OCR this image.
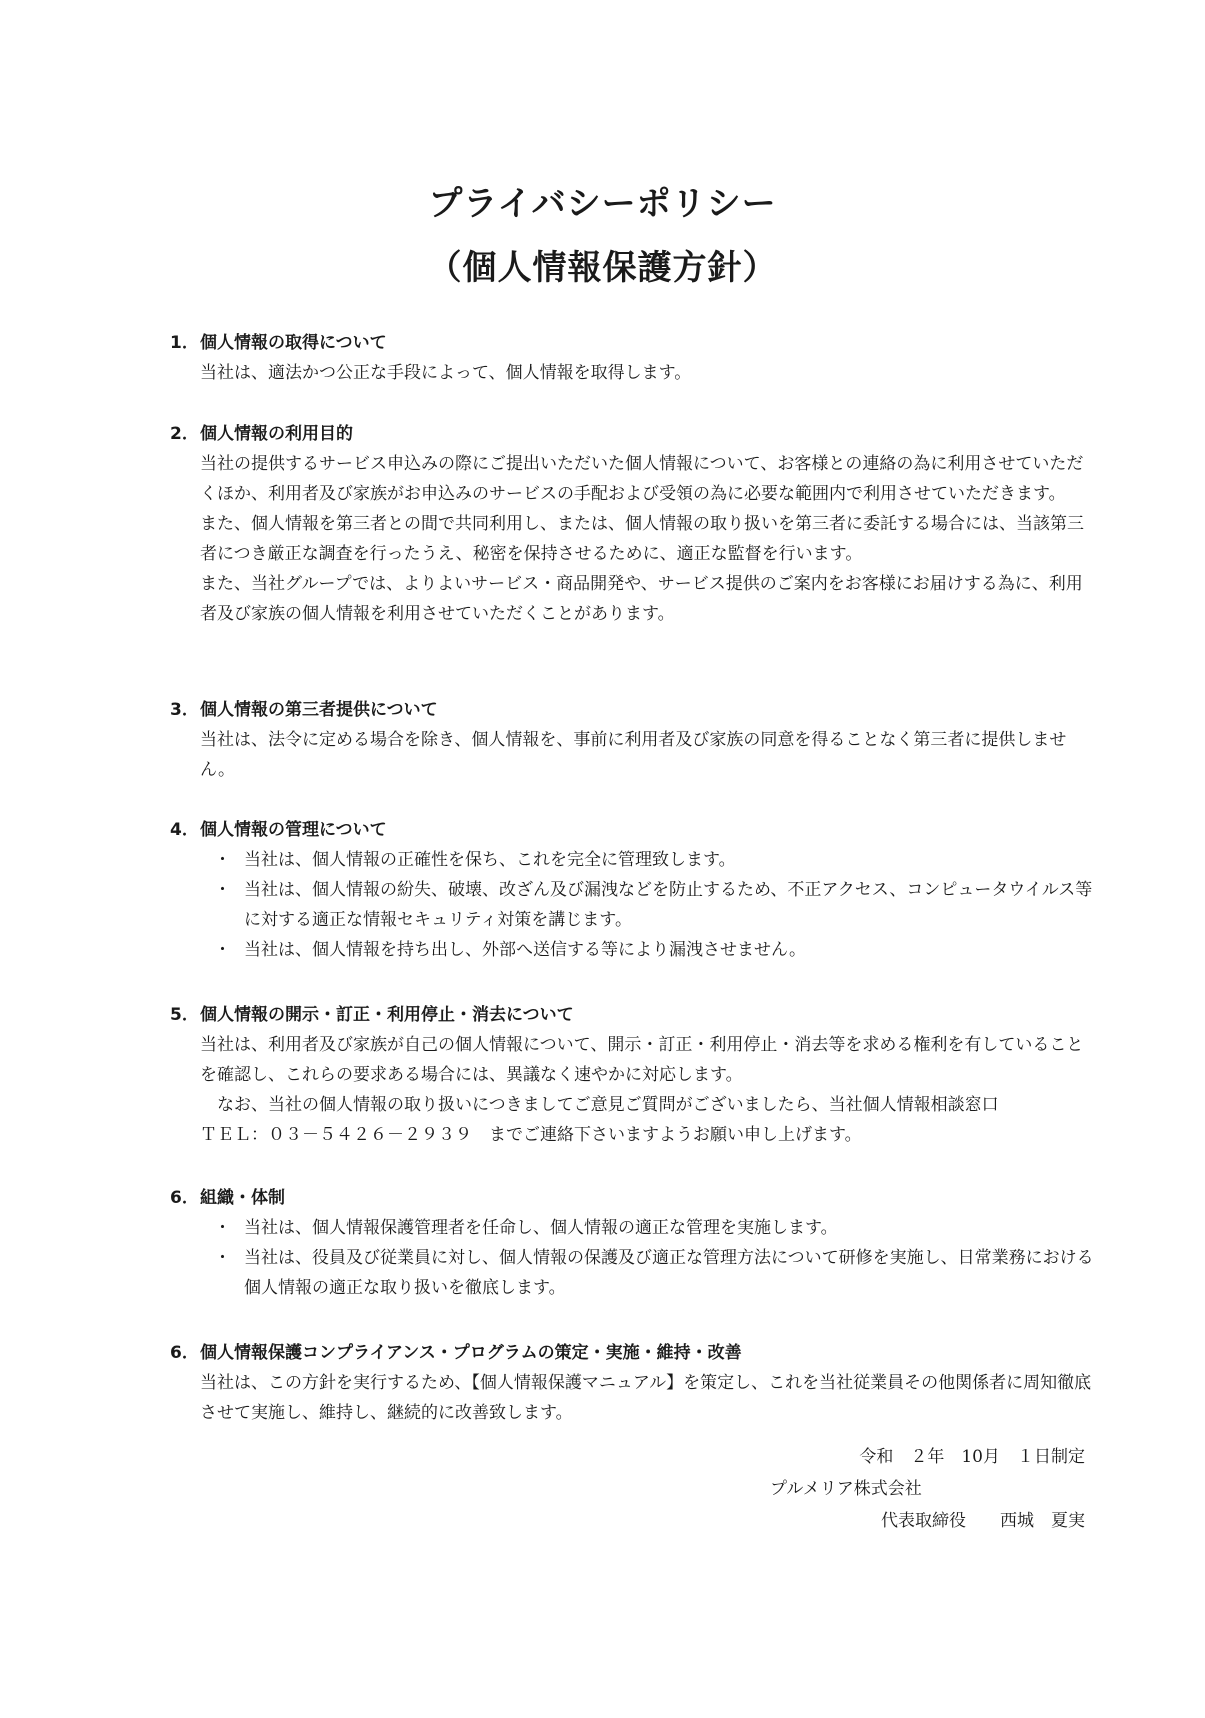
プライバシーポリシー
（個人情報保護方針）
1．個人情報の取得について

当社は、適法かつ公正な手段によって、個人情報を取得します。

2．個人情報の利用目的

当社の提供するサービス申込みの際にご提出いただいた個人情報について、お客様との連絡の為に利用させていただくほか、利用者及び家族がお申込みのサービスの手配および受領の為に必要な範囲内で利用させていただきます。

また、個人情報を第三者との間で共同利用し、または、個人情報の取り扱いを第三者に委託する場合には、当該第三者につき厳正な調査を行ったうえ、秘密を保持させるために、適正な監督を行います。

また、当社グループでは、よりよいサービス・商品開発や、サービス提供のご案内をお客様にお届けする為に、利用者及び家族の個人情報を利用させていただくことがあります。

3．個人情報の第三者提供について

当社は、法令に定める場合を除き、個人情報を、事前に利用者及び家族の同意を得ることなく第三者に提供しません。

4．個人情報の管理について
・ 当社は、個人情報の正確性を保ち、これを完全に管理致します。
・ 当社は、個人情報の紛失、破壊、改ざん及び漏洩などを防止するため、不正アクセス、コンピュータウイルス等に対する適正な情報セキュリティ対策を講じます。
・ 当社は、個人情報を持ち出し、外部へ送信する等により漏洩させません。
5．個人情報の開示・訂正・利用停止・消去について

当社は、利用者及び家族が自己の個人情報について、開示・訂正・利用停止・消去等を求める権利を有していることを確認し、これらの要求ある場合には、異議なく速やかに対応します。

　なお、当社の個人情報の取り扱いにつきましてご意見ご質問がございましたら、当社個人情報相談窓口

ＴＥＬ：０３－５４２６－２９３９　までご連絡下さいますようお願い申し上げます。

6．組織・体制
・ 当社は、個人情報保護管理者を任命し、個人情報の適正な管理を実施します。
・ 当社は、役員及び従業員に対し、個人情報の保護及び適正な管理方法について研修を実施し、日常業務における個人情報の適正な取り扱いを徹底します。
6．個人情報保護コンプライアンス・プログラムの策定・実施・維持・改善

当社は、この方針を実行するため、【個人情報保護マニュアル】を策定し、これを当社従業員その他関係者に周知徹底させて実施し、維持し、継続的に改善致します。

令和　２年　10月　１日制定
プルメリア株式会社
代表取締役　　西城　夏実
